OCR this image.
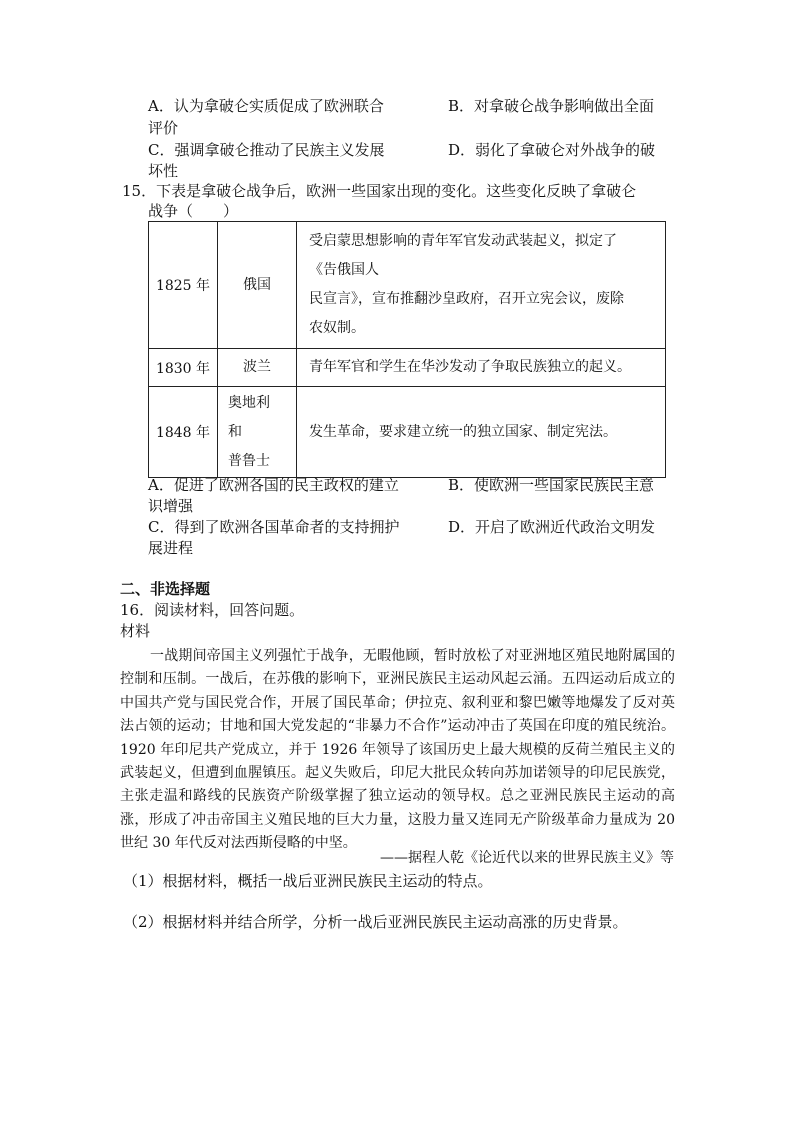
A．认为拿破仑实质促成了欧洲联合	B．对拿破仑战争影响做出全面
评价
C．强调拿破仑推动了民族主义发展	D．弱化了拿破仑对外战争的破
坏性
15．下表是拿破仑战争后，欧洲一些国家出现的变化。这些变化反映了拿破仑
战争（　　）
1825 年	俄国	受启蒙思想影响的青年军官发动武装起义，拟定了
《告俄国人
民宣言》，宣布推翻沙皇政府，召开立宪会议，废除
农奴制。

1830 年	波兰	青年军官和学生在华沙发动了争取民族独立的起义。

1848 年	奥地利
和
普鲁士	发生革命，要求建立统一的独立国家、制定宪法。
A．促进了欧洲各国的民主政权的建立	B．使欧洲一些国家民族民主意
识增强
C．得到了欧洲各国革命者的支持拥护	D．开启了欧洲近代政治文明发
展进程
二、非选择题
16．阅读材料，回答问题。
材料

一战期间帝国主义列强忙于战争，无暇他顾，暂时放松了对亚洲地区殖民地附属国的控制和压制。一战后，在苏俄的影响下，亚洲民族民主运动风起云涌。五四运动后成立的中国共产党与国民党合作，开展了国民革命；伊拉克、叙利亚和黎巴嫩等地爆发了反对英法占领的运动；甘地和国大党发起的“非暴力不合作”运动冲击了英国在印度的殖民统治。1920 年印尼共产党成立，并于 1926 年领导了该国历史上最大规模的反荷兰殖民主义的武装起义，但遭到血腥镇压。起义失败后，印尼大批民众转向苏加诺领导的印尼民族党，主张走温和路线的民族资产阶级掌握了独立运动的领导权。总之亚洲民族民主运动的高涨，形成了冲击帝国主义殖民地的巨大力量，这股力量又连同无产阶级革命力量成为 20 世纪 30 年代反对法西斯侵略的中坚。

——据程人乾《论近代以来的世界民族主义》等
（1）根据材料，概括一战后亚洲民族民主运动的特点。
（2）根据材料并结合所学，分析一战后亚洲民族民主运动高涨的历史背景。
